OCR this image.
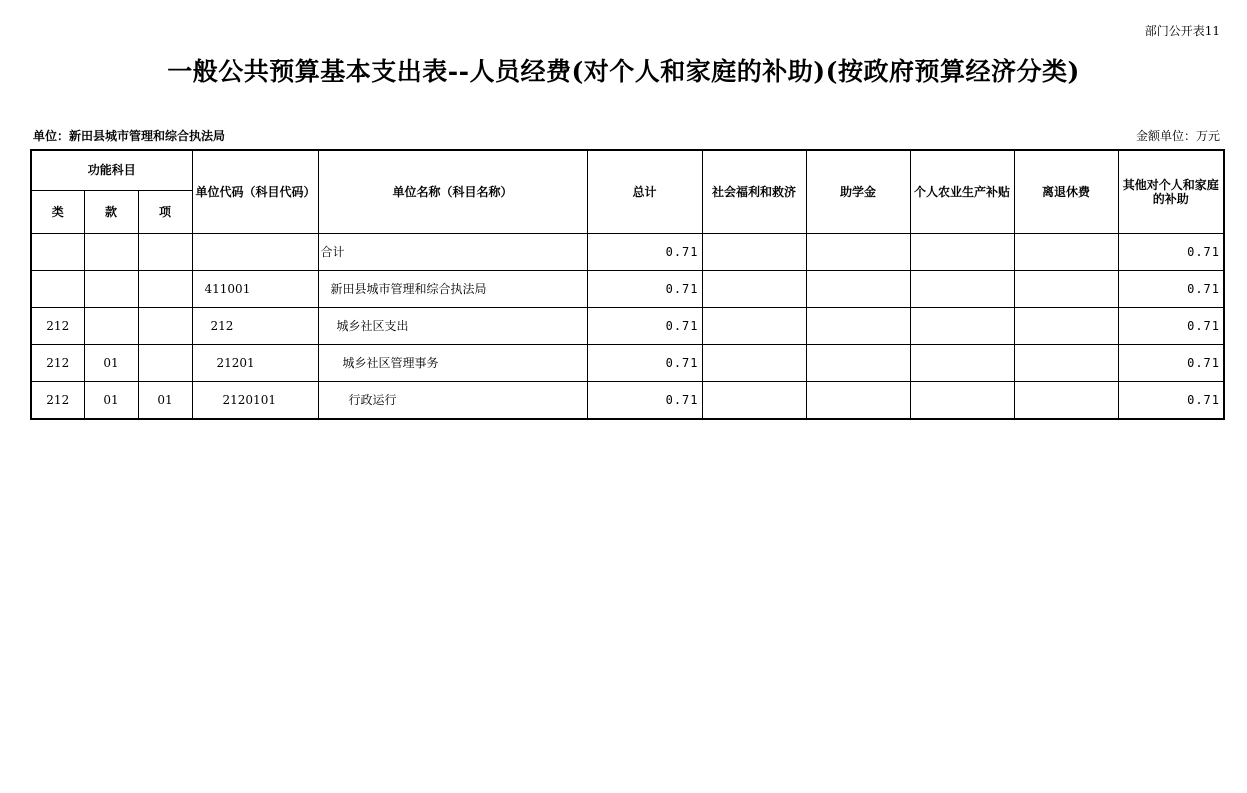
部门公开表11
一般公共预算基本支出表--人员经费(对个人和家庭的补助)(按政府预算经济分类)
单位：新田县城市管理和综合执法局	金额单位：万元
功能科目			单位代码（科目代码）	单位名称（科目名称）	总计	社会福利和救济	助学金	个人农业生产补贴	离退休费	其他对个人和家庭的补助
类	款	项								
				合计	0.71					0.71
			411001	新田县城市管理和综合执法局	0.71					0.71
212			212	城乡社区支出	0.71					0.71
212	01		21201	城乡社区管理事务	0.71					0.71
212	01	01	2120101	行政运行	0.71					0.71
